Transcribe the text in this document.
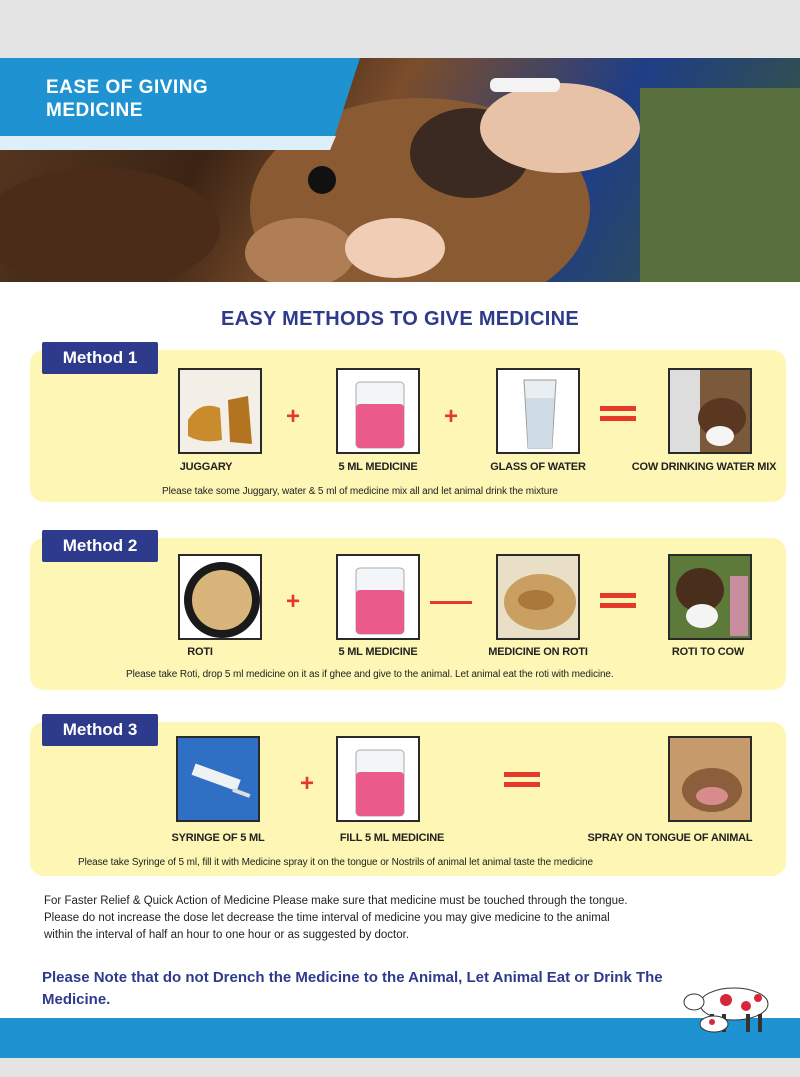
EASE OF GIVING MEDICINE
EASY METHODS TO GIVE MEDICINE
Method 1
+	+
JUGGARY	5 ML MEDICINE	GLASS OF WATER	COW DRINKING WATER MIX
Please take some Juggary, water & 5 ml of medicine mix all and let animal drink the mixture
Method 2
+
ROTI	5 ML MEDICINE	MEDICINE ON ROTI	ROTI TO COW
Please take Roti, drop 5 ml medicine on it as if ghee and give to the animal. Let animal eat the roti with medicine.
Method 3
+
SYRINGE OF 5 ML	FILL 5 ML MEDICINE	SPRAY ON TONGUE OF ANIMAL
Please take Syringe of 5 ml, fill it with Medicine spray it on the tongue or Nostrils of animal let animal taste the medicine
For Faster Relief & Quick Action of Medicine Please make sure that medicine must be touched through the tongue.
Please do not increase the dose let decrease the time interval of medicine you may give medicine to the animal
within the interval of half an hour to one hour or as suggested by doctor.
Please Note that do not Drench the Medicine to the Animal, Let Animal Eat or Drink The Medicine.
